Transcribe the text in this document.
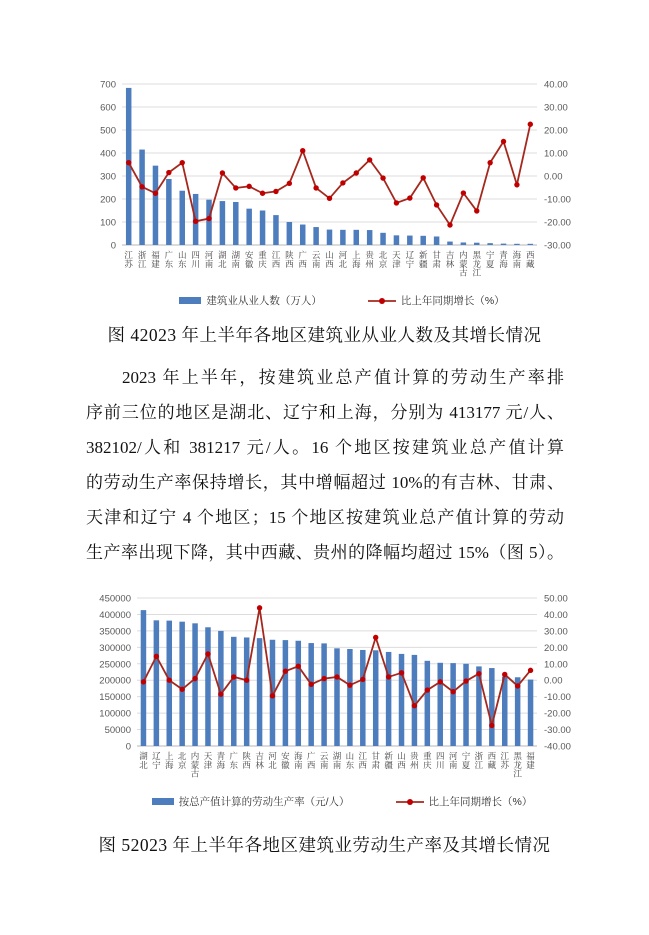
0
100
200
300
400
500
600
700
-30.00
-20.00
-10.00
0.00
10.00
20.00
30.00
40.00
江苏
浙江
福建
广东
山东
四川
河南
湖北
湖南
安徽
重庆
江西
陕西
广西
云南
山西
河北
上海
贵州
北京
天津
辽宁
新疆
甘肃
吉林
内蒙古
黑龙江
宁夏
青海
海南
西藏
建筑业从业人数（万人）	比上年同期增长（%）
图 42023 年上半年各地区建筑业从业人数及其增长情况
2023 年上半年，按建筑业总产值计算的劳动生产率排
序前三位的地区是湖北、辽宁和上海，分别为 413177 元/人、
382102/人和 381217 元/人。16 个地区按建筑业总产值计算
的劳动生产率保持增长，其中增幅超过 10%的有吉林、甘肃、
天津和辽宁 4 个地区；15 个地区按建筑业总产值计算的劳动
生产率出现下降，其中西藏、贵州的降幅均超过 15%（图 5）。
0
50000
100000
150000
200000
250000
300000
350000
400000
450000
-40.00
-30.00
-20.00
-10.00
0.00
10.00
20.00
30.00
40.00
50.00
湖北
辽宁
上海
北京
内蒙古
天津
青海
广东
陕西
吉林
河北
安徽
海南
广西
云南
湖南
山东
江西
甘肃
新疆
山西
贵州
重庆
四川
河南
宁夏
浙江
西藏
江苏
黑龙江
福建
按总产值计算的劳动生产率（元/人）	比上年同期增长（%）
图 52023 年上半年各地区建筑业劳动生产率及其增长情况
